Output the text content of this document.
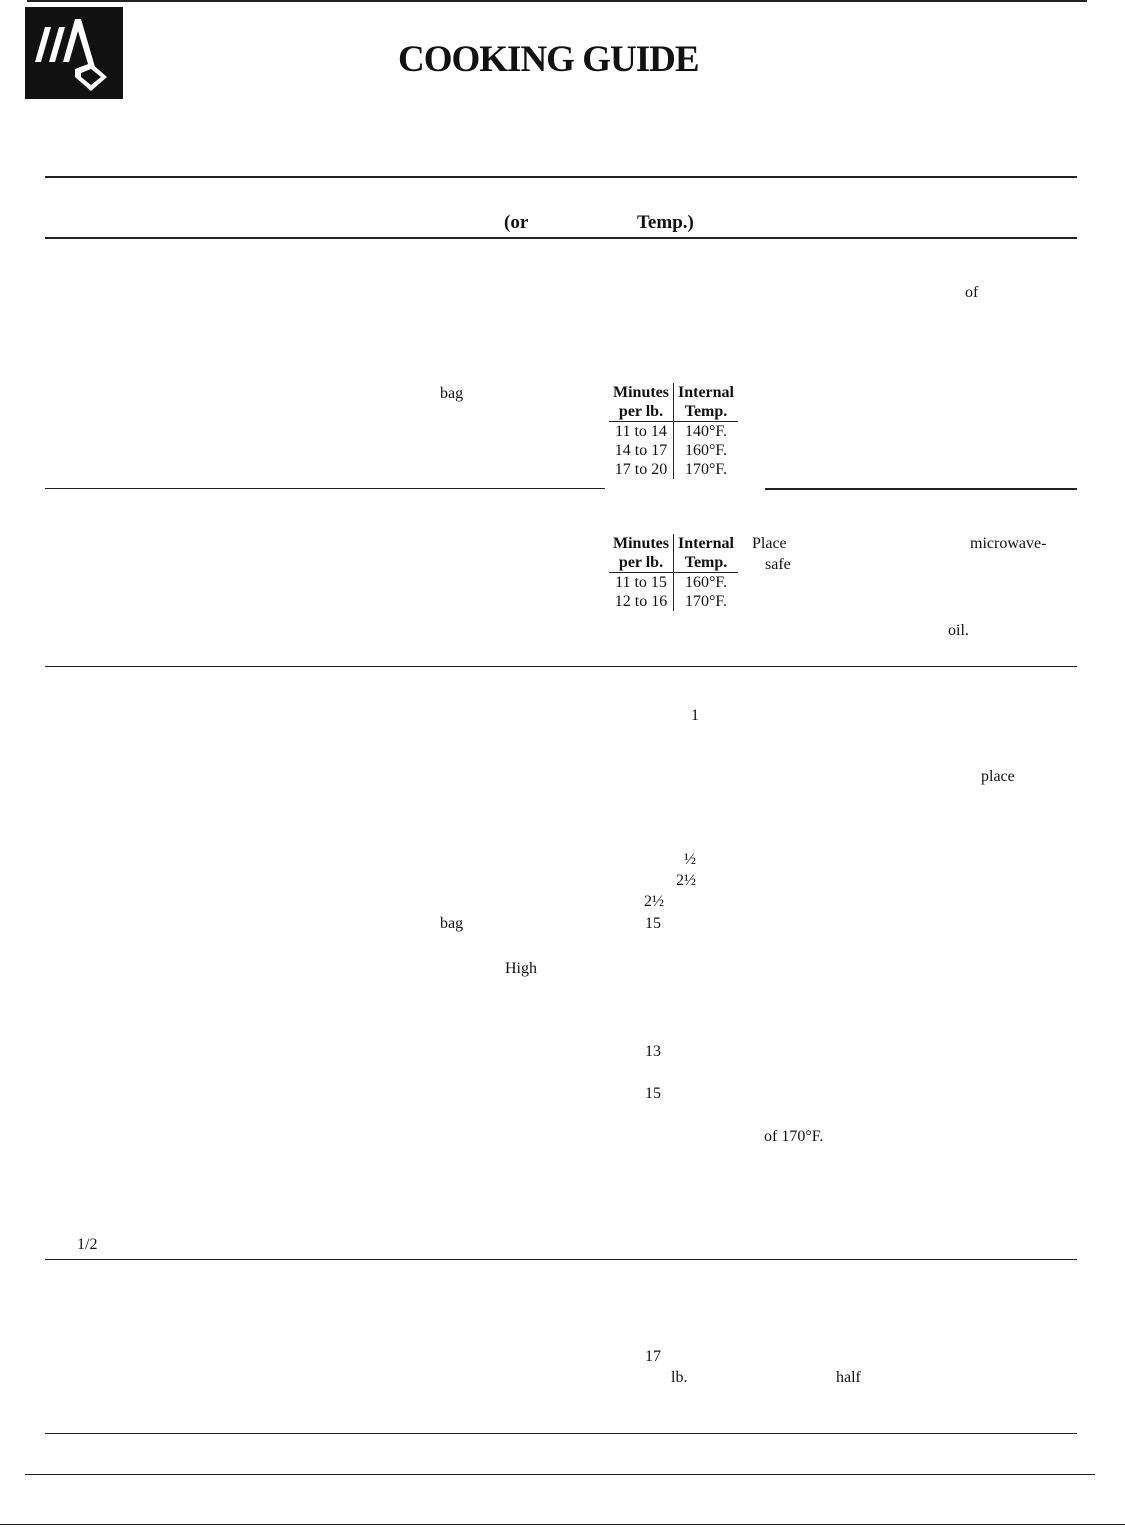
COOKING GUIDE
(or	Temp.)
of
bag	Minutes	Internal
per lb.	Temp.
11 to 14	140°F.
14 to 17	160°F.
17 to 20	170°F.
Minutes	Internal
per lb.	Temp.
11 to 15	160°F.
12 to 16	170°F.
Place	microwave-
safe
oil.
1
place
½
2½
2½
bag	15
High
13
15
of 170°F.
1/2
17
lb.	half
